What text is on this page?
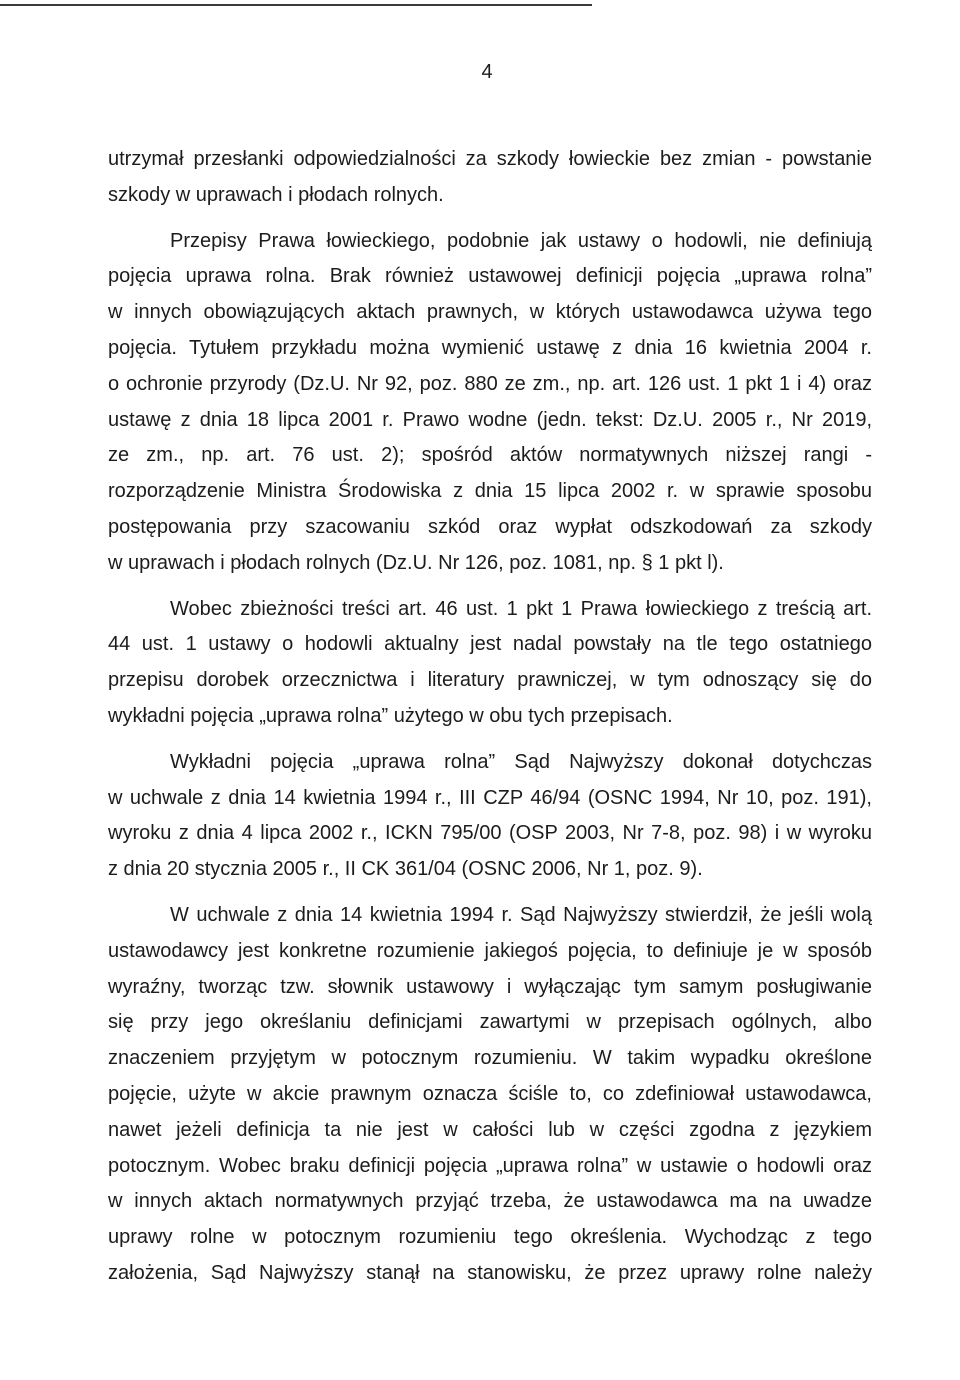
4
utrzymał przesłanki odpowiedzialności za szkody łowieckie bez zmian - powstanie
szkody w uprawach i płodach rolnych.
Przepisy Prawa łowieckiego, podobnie jak ustawy o hodowli, nie definiują
pojęcia uprawa rolna. Brak również ustawowej definicji pojęcia „uprawa rolna”
w innych obowiązujących aktach prawnych, w których ustawodawca używa tego
pojęcia. Tytułem przykładu można wymienić ustawę z dnia 16 kwietnia 2004 r.
o ochronie przyrody (Dz.U. Nr 92, poz. 880 ze zm., np. art. 126 ust. 1 pkt 1 i 4) oraz
ustawę z dnia 18 lipca 2001 r. Prawo wodne (jedn. tekst: Dz.U. 2005 r., Nr 2019,
ze zm., np. art. 76 ust. 2); spośród aktów normatywnych niższej rangi -
rozporządzenie Ministra Środowiska z dnia 15 lipca 2002 r. w sprawie sposobu
postępowania przy szacowaniu szkód oraz wypłat odszkodowań za szkody
w uprawach i płodach rolnych (Dz.U. Nr 126, poz. 1081, np. § 1 pkt l).
Wobec zbieżności treści art. 46 ust. 1 pkt 1 Prawa łowieckiego z treścią art.
44 ust. 1 ustawy o hodowli aktualny jest nadal powstały na tle tego ostatniego
przepisu dorobek orzecznictwa i literatury prawniczej, w tym odnoszący się do
wykładni pojęcia „uprawa rolna” użytego w obu tych przepisach.
Wykładni pojęcia „uprawa rolna” Sąd Najwyższy dokonał dotychczas
w uchwale z dnia 14 kwietnia 1994 r., III CZP 46/94 (OSNC 1994, Nr 10, poz. 191),
wyroku z dnia 4 lipca 2002 r., ICKN 795/00 (OSP 2003, Nr 7-8, poz. 98) i w wyroku
z dnia 20 stycznia 2005 r., II CK 361/04 (OSNC 2006, Nr 1, poz. 9).
W uchwale z dnia 14 kwietnia 1994 r. Sąd Najwyższy stwierdził, że jeśli wolą
ustawodawcy jest konkretne rozumienie jakiegoś pojęcia, to definiuje je w sposób
wyraźny, tworząc tzw. słownik ustawowy i wyłączając tym samym posługiwanie
się przy jego określaniu definicjami zawartymi w przepisach ogólnych, albo
znaczeniem przyjętym w potocznym rozumieniu. W takim wypadku określone
pojęcie, użyte w akcie prawnym oznacza ściśle to, co zdefiniował ustawodawca,
nawet jeżeli definicja ta nie jest w całości lub w części zgodna z językiem
potocznym. Wobec braku definicji pojęcia „uprawa rolna” w ustawie o hodowli oraz
w innych aktach normatywnych przyjąć trzeba, że ustawodawca ma na uwadze
uprawy rolne w potocznym rozumieniu tego określenia. Wychodząc z tego
założenia, Sąd Najwyższy stanął na stanowisku, że przez uprawy rolne należy
